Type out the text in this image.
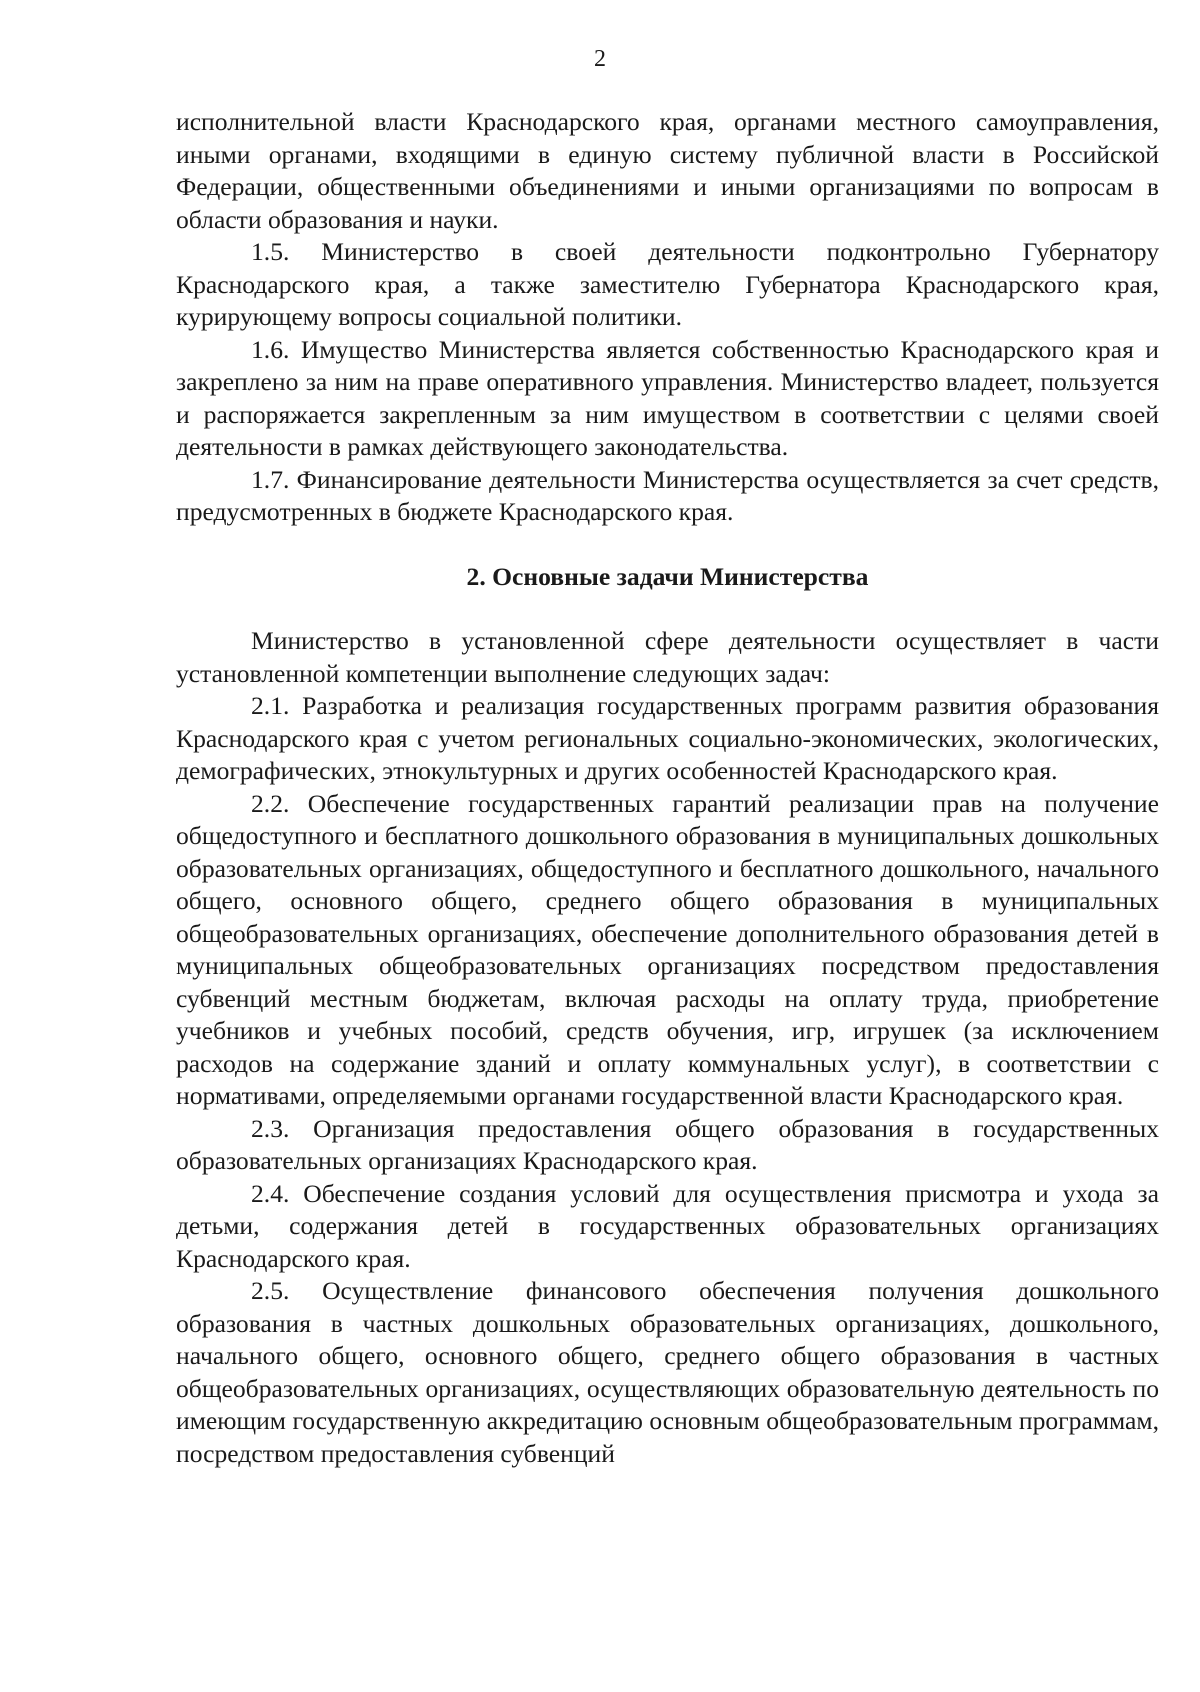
2

исполнительной власти Краснодарского края, органами местного самоуправления, иными органами, входящими в единую систему публичной власти в Российской Федерации, общественными объединениями и иными организациями по вопросам в области образования и науки.

1.5. Министерство в своей деятельности подконтрольно Губернатору Краснодарского края, а также заместителю Губернатора Краснодарского края, курирующему вопросы социальной политики.

1.6. Имущество Министерства является собственностью Краснодарского края и закреплено за ним на праве оперативного управления. Министерство владеет, пользуется и распоряжается закрепленным за ним имуществом в соответствии с целями своей деятельности в рамках действующего законодательства.

1.7. Финансирование деятельности Министерства осуществляется за счет средств, предусмотренных в бюджете Краснодарского края.

2. Основные задачи Министерства

Министерство в установленной сфере деятельности осуществляет в части установленной компетенции выполнение следующих задач:

2.1. Разработка и реализация государственных программ развития образования Краснодарского края с учетом региональных социально-экономических, экологических, демографических, этнокультурных и других особенностей Краснодарского края.

2.2. Обеспечение государственных гарантий реализации прав на получение общедоступного и бесплатного дошкольного образования в муниципальных дошкольных образовательных организациях, общедоступного и бесплатного дошкольного, начального общего, основного общего, среднего общего образования в муниципальных общеобразовательных организациях, обеспечение дополнительного образования детей в муниципальных общеобразовательных организациях посредством предоставления субвенций местным бюджетам, включая расходы на оплату труда, приобретение учебников и учебных пособий, средств обучения, игр, игрушек (за исключением расходов на содержание зданий и оплату коммунальных услуг), в соответствии с нормативами, определяемыми органами государственной власти Краснодарского края.

2.3. Организация предоставления общего образования в государственных образовательных организациях Краснодарского края.

2.4. Обеспечение создания условий для осуществления присмотра и ухода за детьми, содержания детей в государственных образовательных организациях Краснодарского края.

2.5. Осуществление финансового обеспечения получения дошкольного образования в частных дошкольных образовательных организациях, дошкольного, начального общего, основного общего, среднего общего образования в частных общеобразовательных организациях, осуществляющих образовательную деятельность по имеющим государственную аккредитацию основным общеобразовательным программам, посредством предоставления субвенций
